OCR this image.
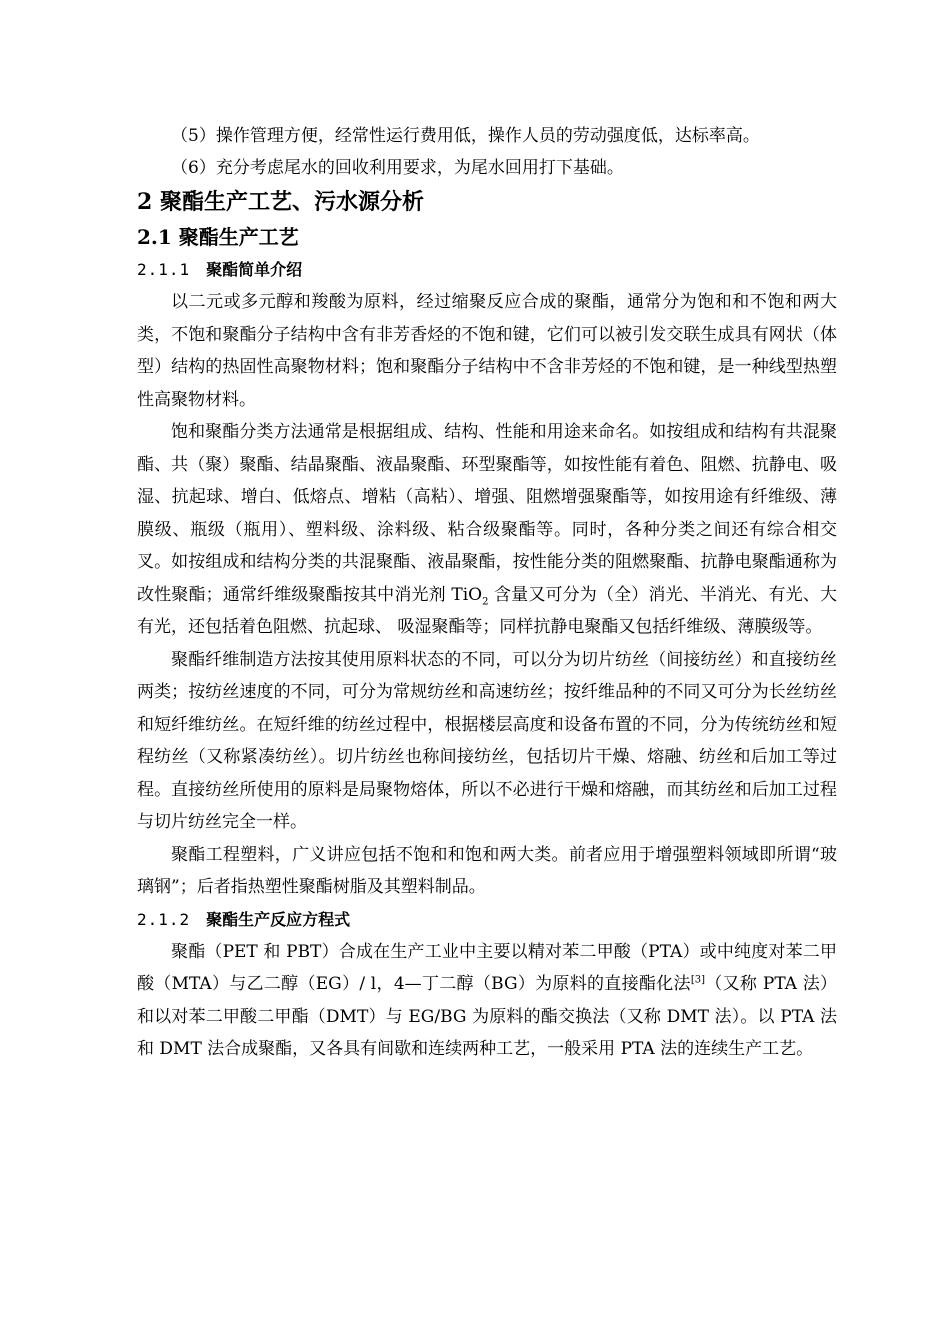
（5）操作管理方便，经常性运行费用低，操作人员的劳动强度低，达标率高。

（6）充分考虑尾水的回收利用要求，为尾水回用打下基础。

2 聚酯生产工艺、污水源分析
2.1 聚酯生产工艺
2.1.1 聚酯简单介绍

以二元或多元醇和羧酸为原料，经过缩聚反应合成的聚酯，通常分为饱和和不饱和两大类，不饱和聚酯分子结构中含有非芳香烃的不饱和键，它们可以被引发交联生成具有网状（体型）结构的热固性高聚物材料；饱和聚酯分子结构中不含非芳烃的不饱和键，是一种线型热塑性高聚物材料。

饱和聚酯分类方法通常是根据组成、结构、性能和用途来命名。如按组成和结构有共混聚酯、共（聚）聚酯、结晶聚酯、液晶聚酯、环型聚酯等，如按性能有着色、阻燃、抗静电、吸湿、抗起球、增白、低熔点、增粘（高粘）、增强、阻燃增强聚酯等，如按用途有纤维级、薄膜级、瓶级（瓶用）、塑料级、涂料级、粘合级聚酯等。同时，各种分类之间还有综合相交叉。如按组成和结构分类的共混聚酯、液晶聚酯，按性能分类的阻燃聚酯、抗静电聚酯通称为改性聚酯；通常纤维级聚酯按其中消光剂 TiO$_2$ 含量又可分为（全）消光、半消光、有光、大有光，还包括着色阻燃、抗起球、 吸湿聚酯等；同样抗静电聚酯又包括纤维级、薄膜级等。

聚酯纤维制造方法按其使用原料状态的不同，可以分为切片纺丝（间接纺丝）和直接纺丝两类；按纺丝速度的不同，可分为常规纺丝和高速纺丝；按纤维品种的不同又可分为长丝纺丝和短纤维纺丝。在短纤维的纺丝过程中，根据楼层高度和设备布置的不同，分为传统纺丝和短程纺丝（又称紧凑纺丝）。切片纺丝也称间接纺丝，包括切片干燥、熔融、纺丝和后加工等过程。直接纺丝所使用的原料是局聚物熔体，所以不必进行干燥和熔融，而其纺丝和后加工过程与切片纺丝完全一样。

聚酯工程塑料，广义讲应包括不饱和和饱和两大类。前者应用于增强塑料领域即所谓“玻璃钢”；后者指热塑性聚酯树脂及其塑料制品。

2.1.2 聚酯生产反应方程式

聚酯（PET 和 PBT）合成在生产工业中主要以精对苯二甲酸（PTA）或中纯度对苯二甲酸（MTA）与乙二醇（EG）/ l，4—丁二醇（BG）为原料的直接酯化法[3]（又称 PTA 法）和以对苯二甲酸二甲酯（DMT）与 EG/BG 为原料的酯交换法（又称 DMT 法）。以 PTA 法和 DMT 法合成聚酯，又各具有间歇和连续两种工艺，一般采用 PTA 法的连续生产工艺。
